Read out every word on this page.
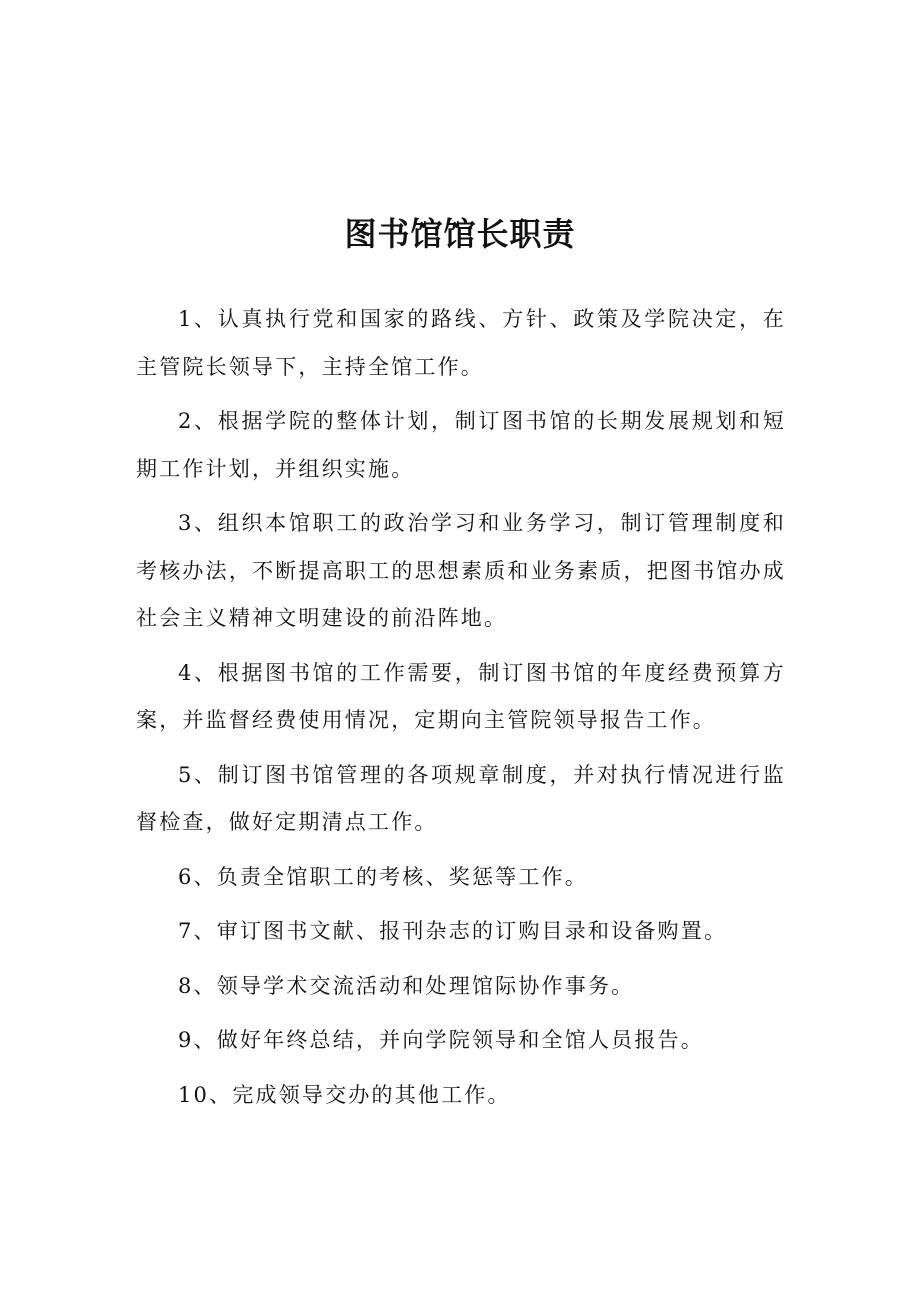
图书馆馆长职责

1、认真执行党和国家的路线、方针、政策及学院决定，在主管院长领导下，主持全馆工作。

2、根据学院的整体计划，制订图书馆的长期发展规划和短期工作计划，并组织实施。

3、组织本馆职工的政治学习和业务学习，制订管理制度和考核办法，不断提高职工的思想素质和业务素质，把图书馆办成社会主义精神文明建设的前沿阵地。

4、根据图书馆的工作需要，制订图书馆的年度经费预算方案，并监督经费使用情况，定期向主管院领导报告工作。

5、制订图书馆管理的各项规章制度，并对执行情况进行监督检查，做好定期清点工作。

6、负责全馆职工的考核、奖惩等工作。

7、审订图书文献、报刊杂志的订购目录和设备购置。

8、领导学术交流活动和处理馆际协作事务。

9、做好年终总结，并向学院领导和全馆人员报告。

10、完成领导交办的其他工作。
